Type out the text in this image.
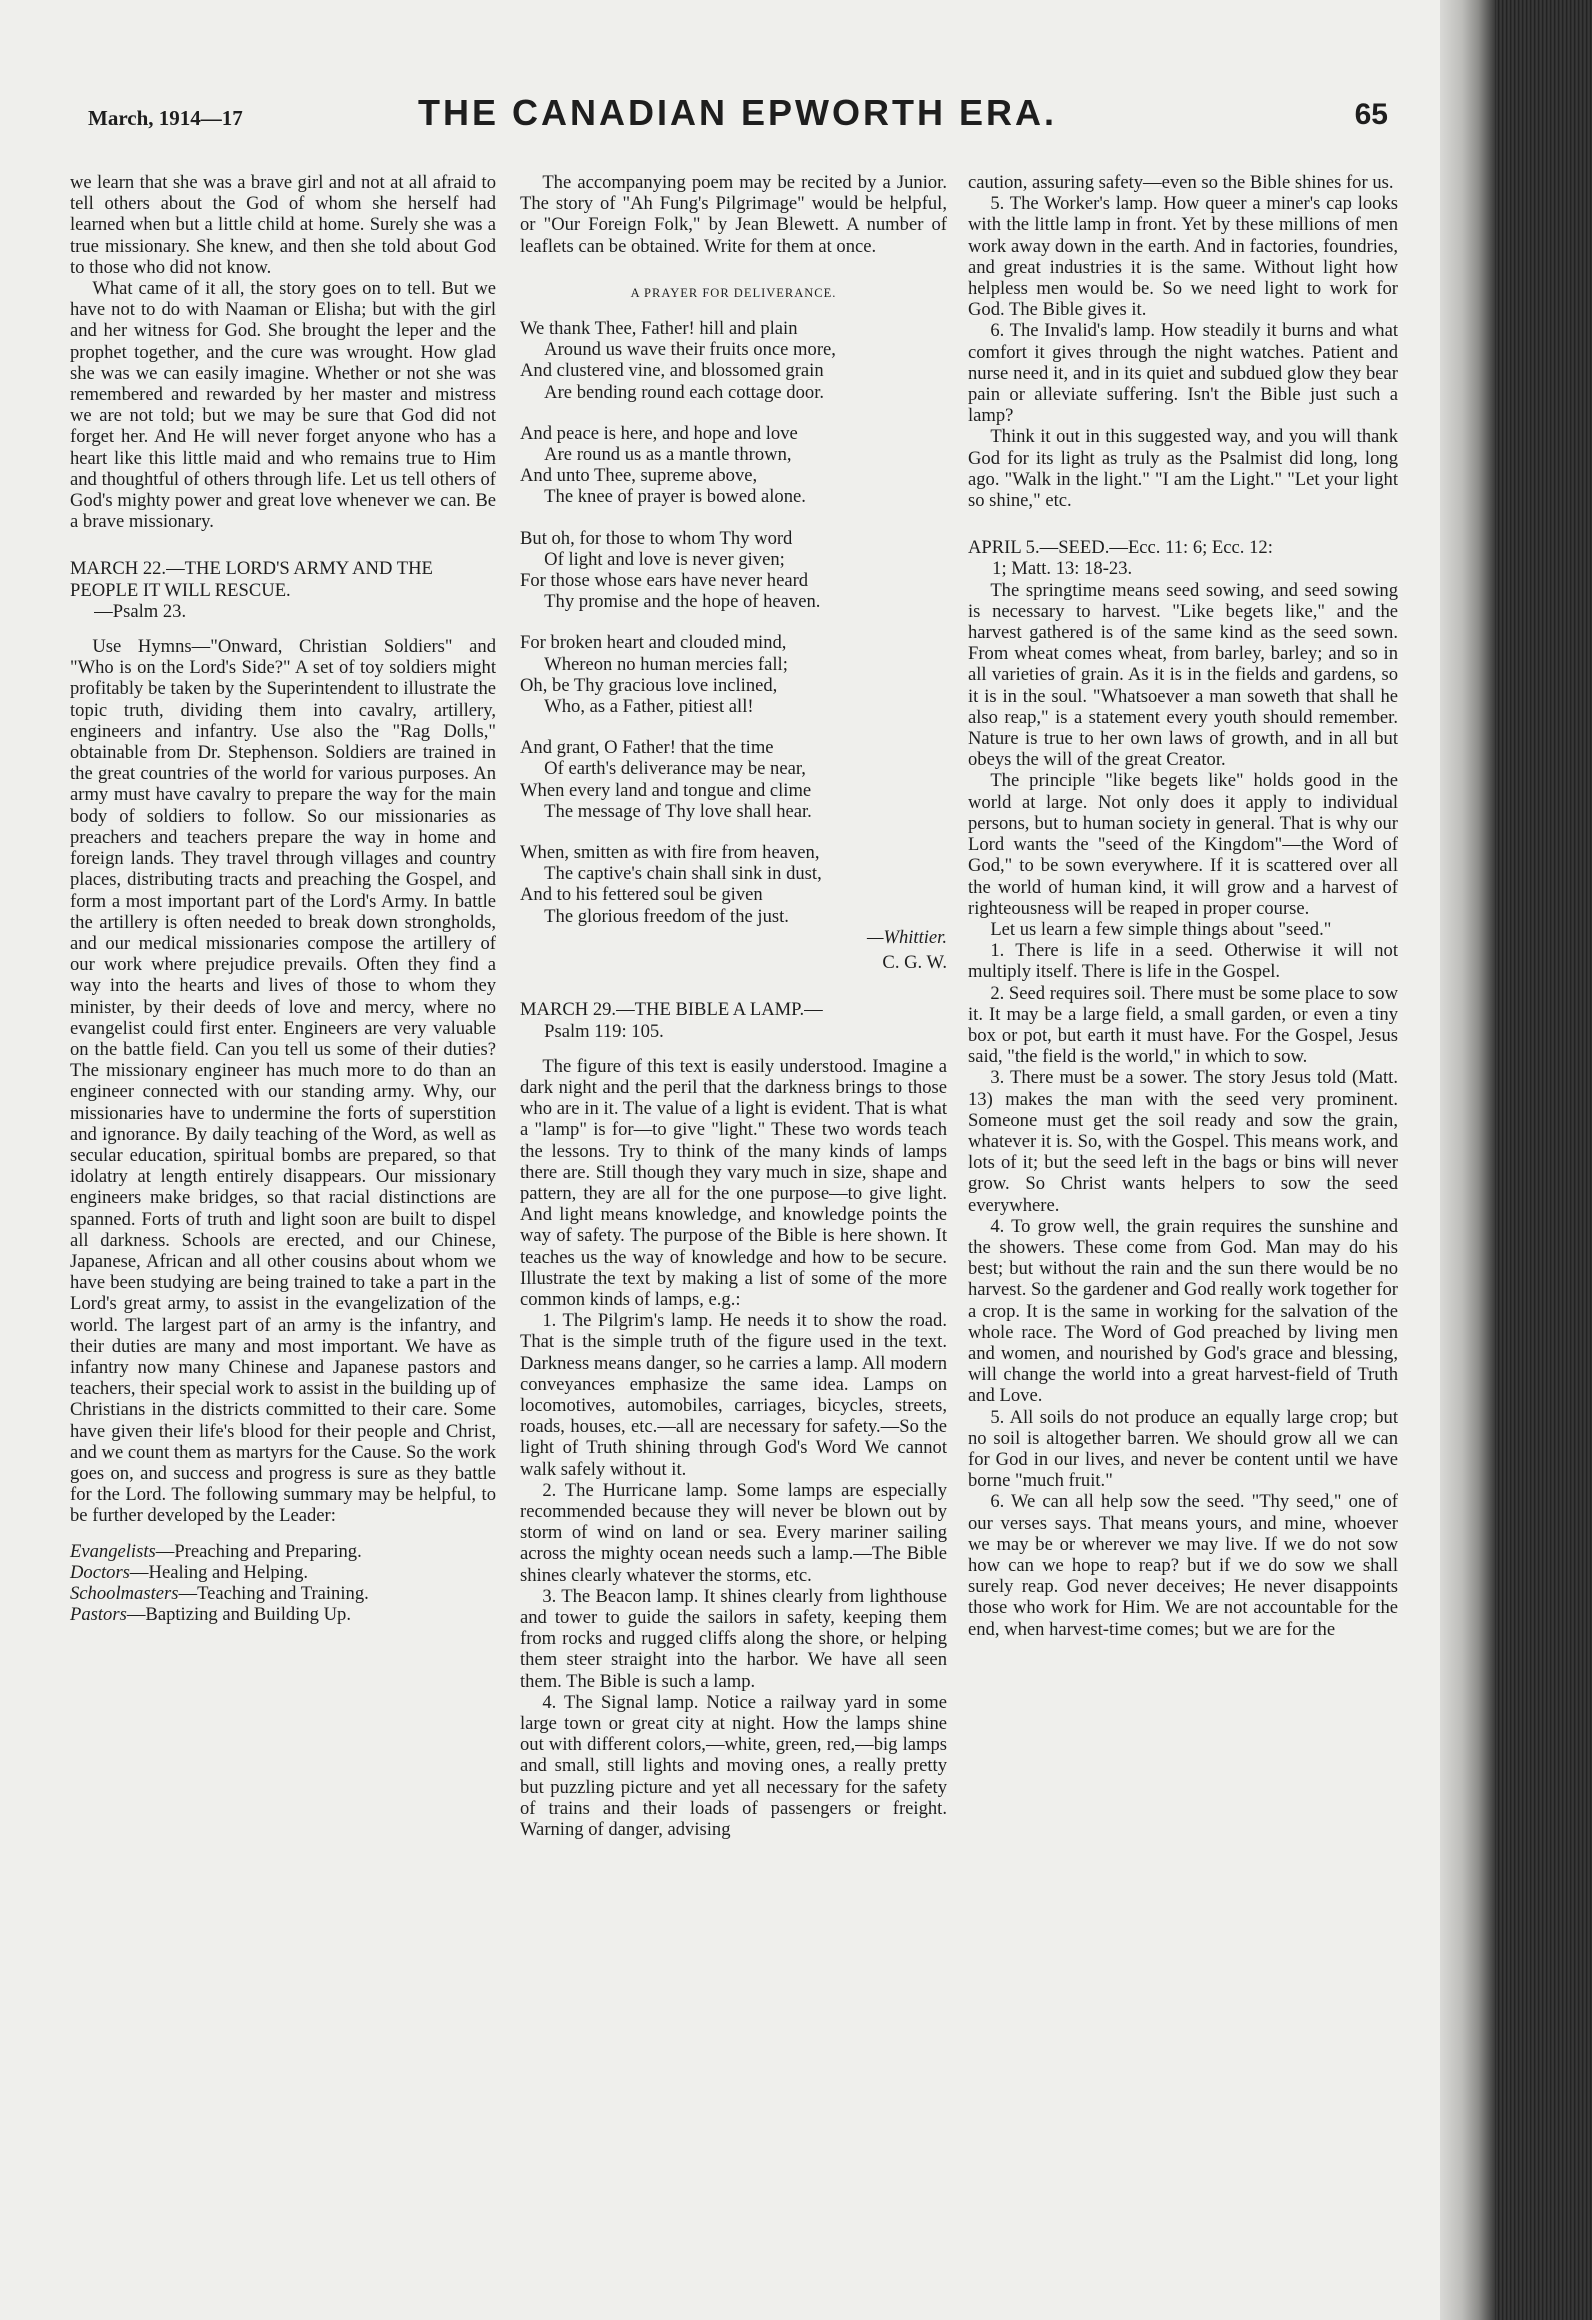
March, 1914—17	THE CANADIAN EPWORTH ERA.	65

we learn that she was a brave girl and not at all afraid to tell others about the God of whom she herself had learned when but a little child at home. Surely she was a true missionary. She knew, and then she told about God to those who did not know.

What came of it all, the story goes on to tell. But we have not to do with Naaman or Elisha; but with the girl and her witness for God. She brought the leper and the prophet together, and the cure was wrought. How glad she was we can easily imagine. Whether or not she was remembered and rewarded by her master and mistress we are not told; but we may be sure that God did not forget her. And He will never forget anyone who has a heart like this little maid and who remains true to Him and thoughtful of others through life. Let us tell others of God's mighty power and great love whenever we can. Be a brave missionary.

MARCH 22.—THE LORD'S ARMY AND THE PEOPLE IT WILL RESCUE.
—Psalm 23.

Use Hymns—"Onward, Christian Soldiers" and "Who is on the Lord's Side?" A set of toy soldiers might profitably be taken by the Superintendent to illustrate the topic truth, dividing them into cavalry, artillery, engineers and infantry. Use also the "Rag Dolls," obtainable from Dr. Stephenson. Soldiers are trained in the great countries of the world for various purposes. An army must have cavalry to prepare the way for the main body of soldiers to follow. So our missionaries as preachers and teachers prepare the way in home and foreign lands. They travel through villages and country places, distributing tracts and preaching the Gospel, and form a most important part of the Lord's Army. In battle the artillery is often needed to break down strongholds, and our medical missionaries compose the artillery of our work where prejudice prevails. Often they find a way into the hearts and lives of those to whom they minister, by their deeds of love and mercy, where no evangelist could first enter. Engineers are very valuable on the battle field. Can you tell us some of their duties? The missionary engineer has much more to do than an engineer connected with our standing army. Why, our missionaries have to undermine the forts of superstition and ignorance. By daily teaching of the Word, as well as secular education, spiritual bombs are prepared, so that idolatry at length entirely disappears. Our missionary engineers make bridges, so that racial distinctions are spanned. Forts of truth and light soon are built to dispel all darkness. Schools are erected, and our Chinese, Japanese, African and all other cousins about whom we have been studying are being trained to take a part in the Lord's great army, to assist in the evangelization of the world. The largest part of an army is the infantry, and their duties are many and most important. We have as infantry now many Chinese and Japanese pastors and teachers, their special work to assist in the building up of Christians in the districts committed to their care. Some have given their life's blood for their people and Christ, and we count them as martyrs for the Cause. So the work goes on, and success and progress is sure as they battle for the Lord. The following summary may be helpful, to be further developed by the Leader:

Evangelists—Preaching and Preparing.
Doctors—Healing and Helping.
Schoolmasters—Teaching and Training.
Pastors—Baptizing and Building Up.

The accompanying poem may be recited by a Junior. The story of "Ah Fung's Pilgrimage" would be helpful, or "Our Foreign Folk," by Jean Blewett. A number of leaflets can be obtained. Write for them at once.

A PRAYER FOR DELIVERANCE.
We thank Thee, Father! hill and plain
Around us wave their fruits once more,
And clustered vine, and blossomed grain
Are bending round each cottage door.
And peace is here, and hope and love
Are round us as a mantle thrown,
And unto Thee, supreme above,
The knee of prayer is bowed alone.
But oh, for those to whom Thy word
Of light and love is never given;
For those whose ears have never heard
Thy promise and the hope of heaven.
For broken heart and clouded mind,
Whereon no human mercies fall;
Oh, be Thy gracious love inclined,
Who, as a Father, pitiest all!
And grant, O Father! that the time
Of earth's deliverance may be near,
When every land and tongue and clime
The message of Thy love shall hear.
When, smitten as with fire from heaven,
The captive's chain shall sink in dust,
And to his fettered soul be given
The glorious freedom of the just.
—Whittier.
C. G. W.

MARCH 29.—THE BIBLE A LAMP.—
Psalm 119: 105.

The figure of this text is easily understood. Imagine a dark night and the peril that the darkness brings to those who are in it. The value of a light is evident. That is what a "lamp" is for—to give "light." These two words teach the lessons. Try to think of the many kinds of lamps there are. Still though they vary much in size, shape and pattern, they are all for the one purpose—to give light. And light means knowledge, and knowledge points the way of safety. The purpose of the Bible is here shown. It teaches us the way of knowledge and how to be secure. Illustrate the text by making a list of some of the more common kinds of lamps, e.g.:

1. The Pilgrim's lamp. He needs it to show the road. That is the simple truth of the figure used in the text. Darkness means danger, so he carries a lamp. All modern conveyances emphasize the same idea. Lamps on locomotives, automobiles, carriages, bicycles, streets, roads, houses, etc.—all are necessary for safety.—So the light of Truth shining through God's Word We cannot walk safely without it.

2. The Hurricane lamp. Some lamps are especially recommended because they will never be blown out by storm of wind on land or sea. Every mariner sailing across the mighty ocean needs such a lamp.—The Bible shines clearly whatever the storms, etc.

3. The Beacon lamp. It shines clearly from lighthouse and tower to guide the sailors in safety, keeping them from rocks and rugged cliffs along the shore, or helping them steer straight into the harbor. We have all seen them. The Bible is such a lamp.

4. The Signal lamp. Notice a railway yard in some large town or great city at night. How the lamps shine out with different colors,—white, green, red,—big lamps and small, still lights and moving ones, a really pretty but puzzling picture and yet all necessary for the safety of trains and their loads of passengers or freight. Warning of danger, advising

caution, assuring safety—even so the Bible shines for us.

5. The Worker's lamp. How queer a miner's cap looks with the little lamp in front. Yet by these millions of men work away down in the earth. And in factories, foundries, and great industries it is the same. Without light how helpless men would be. So we need light to work for God. The Bible gives it.

6. The Invalid's lamp. How steadily it burns and what comfort it gives through the night watches. Patient and nurse need it, and in its quiet and subdued glow they bear pain or alleviate suffering. Isn't the Bible just such a lamp?

Think it out in this suggested way, and you will thank God for its light as truly as the Psalmist did long, long ago. "Walk in the light." "I am the Light." "Let your light so shine," etc.

APRIL 5.—SEED.—Ecc. 11: 6; Ecc. 12:
1; Matt. 13: 18-23.

The springtime means seed sowing, and seed sowing is necessary to harvest. "Like begets like," and the harvest gathered is of the same kind as the seed sown. From wheat comes wheat, from barley, barley; and so in all varieties of grain. As it is in the fields and gardens, so it is in the soul. "Whatsoever a man soweth that shall he also reap," is a statement every youth should remember. Nature is true to her own laws of growth, and in all but obeys the will of the great Creator.

The principle "like begets like" holds good in the world at large. Not only does it apply to individual persons, but to human society in general. That is why our Lord wants the "seed of the Kingdom"—the Word of God," to be sown everywhere. If it is scattered over all the world of human kind, it will grow and a harvest of righteousness will be reaped in proper course.

Let us learn a few simple things about "seed."

1. There is life in a seed. Otherwise it will not multiply itself. There is life in the Gospel.

2. Seed requires soil. There must be some place to sow it. It may be a large field, a small garden, or even a tiny box or pot, but earth it must have. For the Gospel, Jesus said, "the field is the world," in which to sow.

3. There must be a sower. The story Jesus told (Matt. 13) makes the man with the seed very prominent. Someone must get the soil ready and sow the grain, whatever it is. So, with the Gospel. This means work, and lots of it; but the seed left in the bags or bins will never grow. So Christ wants helpers to sow the seed everywhere.

4. To grow well, the grain requires the sunshine and the showers. These come from God. Man may do his best; but without the rain and the sun there would be no harvest. So the gardener and God really work together for a crop. It is the same in working for the salvation of the whole race. The Word of God preached by living men and women, and nourished by God's grace and blessing, will change the world into a great harvest-field of Truth and Love.

5. All soils do not produce an equally large crop; but no soil is altogether barren. We should grow all we can for God in our lives, and never be content until we have borne "much fruit."

6. We can all help sow the seed. "Thy seed," one of our verses says. That means yours, and mine, whoever we may be or wherever we may live. If we do not sow how can we hope to reap? but if we do sow we shall surely reap. God never deceives; He never disappoints those who work for Him. We are not accountable for the end, when harvest-time comes; but we are for the
